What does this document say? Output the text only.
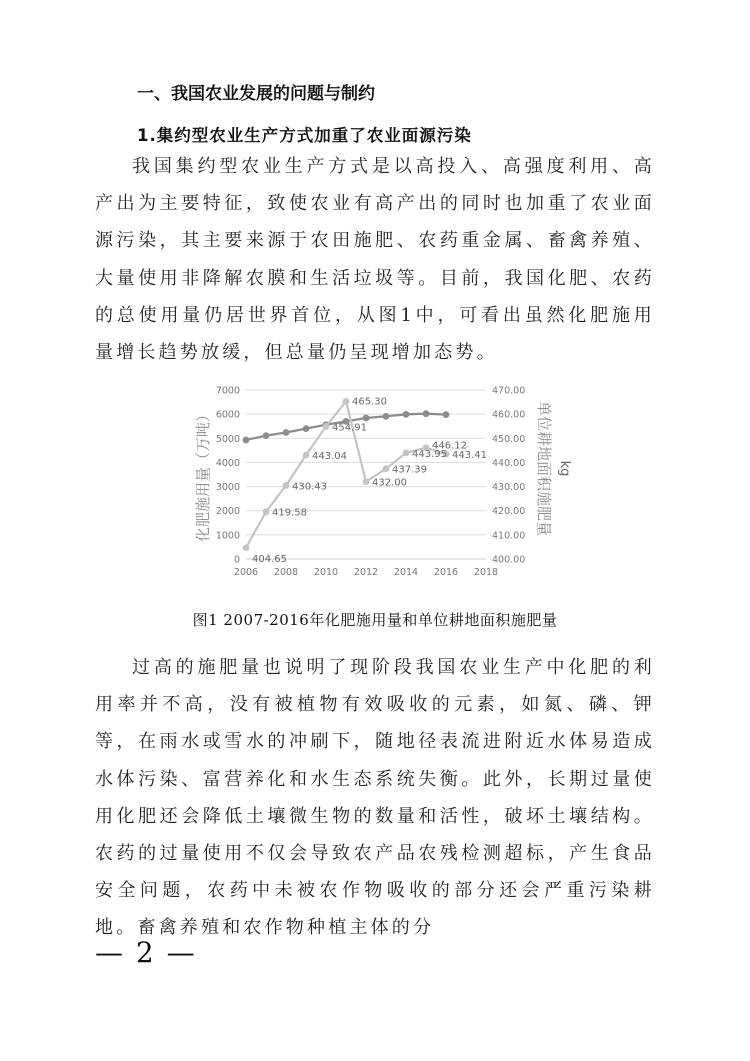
一、我国农业发展的问题与制约
1.集约型农业生产方式加重了农业面源污染

我国集约型农业生产方式是以高投入、高强度利用、高产出为主要特征，致使农业有高产出的同时也加重了农业面源污染，其主要来源于农田施肥、农药重金属、畜禽养殖、大量使用非降解农膜和生活垃圾等。目前，我国化肥、农药的总使用量仍居世界首位，从图1中，可看出虽然化肥施用量增长趋势放缓，但总量仍呈现增加态势。

0
1000
2000
3000
4000
5000
6000
7000
400.00
410.00
420.00
430.00
440.00
450.00
460.00
470.00
2006 2008 2010 2012 2014 2016 2018
化肥施用量（万吨）	单位耕地面积施肥量 kg
404.65
419.58
430.43
443.04
454.91
465.30
432.00
437.39
443.95
446.12
443.41
图1 2007-2016年化肥施用量和单位耕地面积施肥量

过高的施肥量也说明了现阶段我国农业生产中化肥的利用率并不高，没有被植物有效吸收的元素，如氮、磷、钾等，在雨水或雪水的冲刷下，随地径表流进附近水体易造成水体污染、富营养化和水生态系统失衡。此外，长期过量使用化肥还会降低土壤微生物的数量和活性，破坏土壤结构。农药的过量使用不仅会导致农产品农残检测超标，产生食品安全问题，农药中未被农作物吸收的部分还会严重污染耕地。畜禽养殖和农作物种植主体的分

— 2 —
